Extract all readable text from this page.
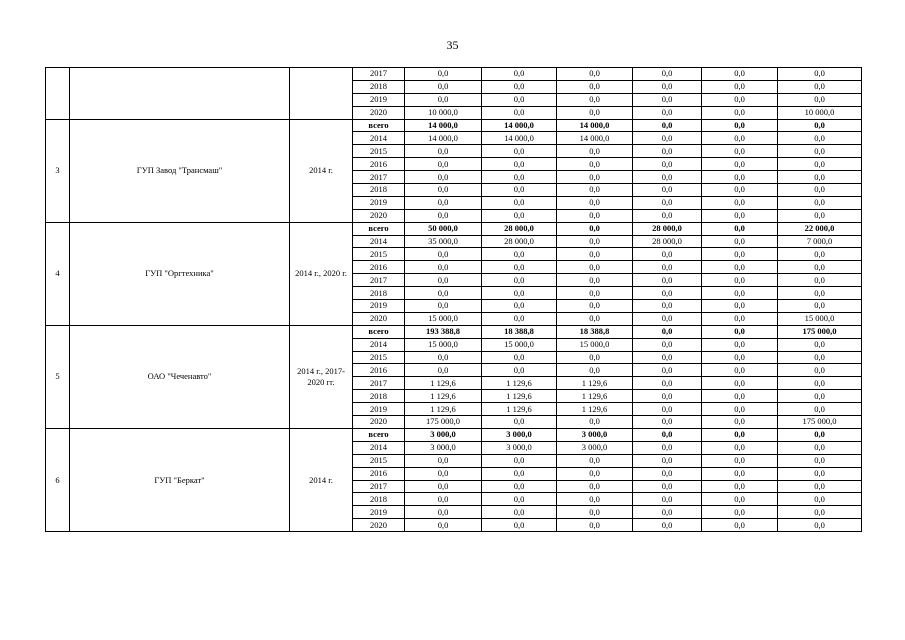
35
			2017	0,0	0,0	0,0	0,0	0,0	0,0
			2018	0,0	0,0	0,0	0,0	0,0	0,0
			2019	0,0	0,0	0,0	0,0	0,0	0,0
			2020	10 000,0	0,0	0,0	0,0	0,0	10 000,0
3	ГУП Завод "Трансмаш"	2014 г.	всего	14 000,0	14 000,0	14 000,0	0,0	0,0	0,0
			2014	14 000,0	14 000,0	14 000,0	0,0	0,0	0,0
			2015	0,0	0,0	0,0	0,0	0,0	0,0
			2016	0,0	0,0	0,0	0,0	0,0	0,0
			2017	0,0	0,0	0,0	0,0	0,0	0,0
			2018	0,0	0,0	0,0	0,0	0,0	0,0
			2019	0,0	0,0	0,0	0,0	0,0	0,0
			2020	0,0	0,0	0,0	0,0	0,0	0,0
4	ГУП "Оргтехника"	2014 г., 2020 г.	всего	50 000,0	28 000,0	0,0	28 000,0	0,0	22 000,0
			2014	35 000,0	28 000,0	0,0	28 000,0	0,0	7 000,0
			2015	0,0	0,0	0,0	0,0	0,0	0,0
			2016	0,0	0,0	0,0	0,0	0,0	0,0
			2017	0,0	0,0	0,0	0,0	0,0	0,0
			2018	0,0	0,0	0,0	0,0	0,0	0,0
			2019	0,0	0,0	0,0	0,0	0,0	0,0
			2020	15 000,0	0,0	0,0	0,0	0,0	15 000,0
5	ОАО "Чеченавто"	2014 г., 2017-2020 гг.	всего	193 388,8	18 388,8	18 388,8	0,0	0,0	175 000,0
			2014	15 000,0	15 000,0	15 000,0	0,0	0,0	0,0
			2015	0,0	0,0	0,0	0,0	0,0	0,0
			2016	0,0	0,0	0,0	0,0	0,0	0,0
			2017	1 129,6	1 129,6	1 129,6	0,0	0,0	0,0
			2018	1 129,6	1 129,6	1 129,6	0,0	0,0	0,0
			2019	1 129,6	1 129,6	1 129,6	0,0	0,0	0,0
			2020	175 000,0	0,0	0,0	0,0	0,0	175 000,0
6	ГУП "Беркат"	2014 г.	всего	3 000,0	3 000,0	3 000,0	0,0	0,0	0,0
			2014	3 000,0	3 000,0	3 000,0	0,0	0,0	0,0
			2015	0,0	0,0	0,0	0,0	0,0	0,0
			2016	0,0	0,0	0,0	0,0	0,0	0,0
			2017	0,0	0,0	0,0	0,0	0,0	0,0
			2018	0,0	0,0	0,0	0,0	0,0	0,0
			2019	0,0	0,0	0,0	0,0	0,0	0,0
			2020	0,0	0,0	0,0	0,0	0,0	0,0
